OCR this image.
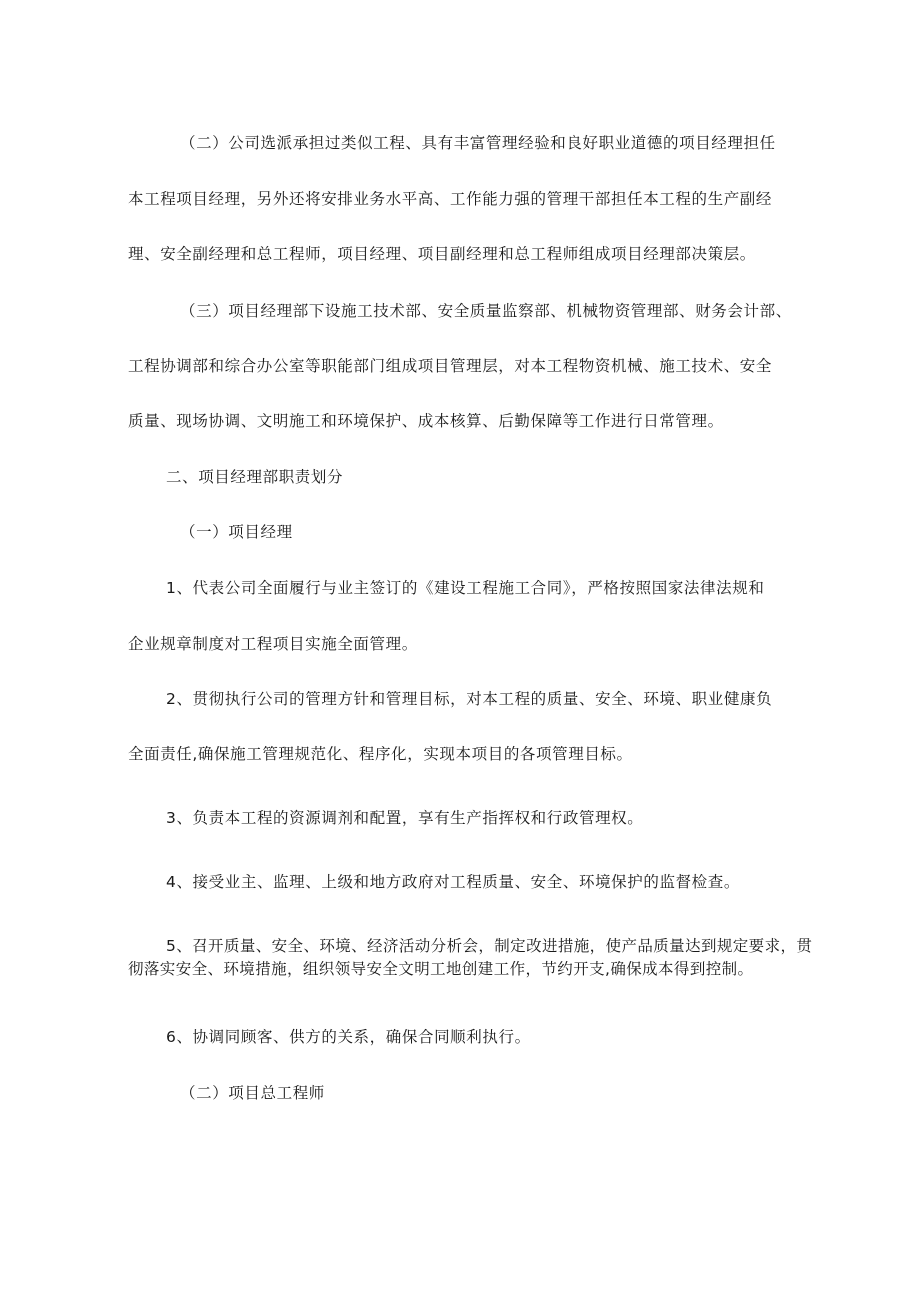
（二）公司选派承担过类似工程、具有丰富管理经验和良好职业道德的项目经理担任
本工程项目经理，另外还将安排业务水平高、工作能力强的管理干部担任本工程的生产副经
理、安全副经理和总工程师，项目经理、项目副经理和总工程师组成项目经理部决策层。
（三）项目经理部下设施工技术部、安全质量监察部、机械物资管理部、财务会计部、
工程协调部和综合办公室等职能部门组成项目管理层，对本工程物资机械、施工技术、安全
质量、现场协调、文明施工和环境保护、成本核算、后勤保障等工作进行日常管理。
二、项目经理部职责划分
（一）项目经理
1、代表公司全面履行与业主签订的《建设工程施工合同》，严格按照国家法律法规和
企业规章制度对工程项目实施全面管理。
2、贯彻执行公司的管理方针和管理目标，对本工程的质量、安全、环境、职业健康负
全面责任,确保施工管理规范化、程序化，实现本项目的各项管理目标。
3、负责本工程的资源调剂和配置，享有生产指挥权和行政管理权。
4、接受业主、监理、上级和地方政府对工程质量、安全、环境保护的监督检查。
5、召开质量、安全、环境、经济活动分析会，制定改进措施，使产品质量达到规定要求，贯彻落实安全、环境措施，组织领导安全文明工地创建工作，节约开支,确保成本得到控制。
6、协调同顾客、供方的关系，确保合同顺利执行。
（二）项目总工程师
